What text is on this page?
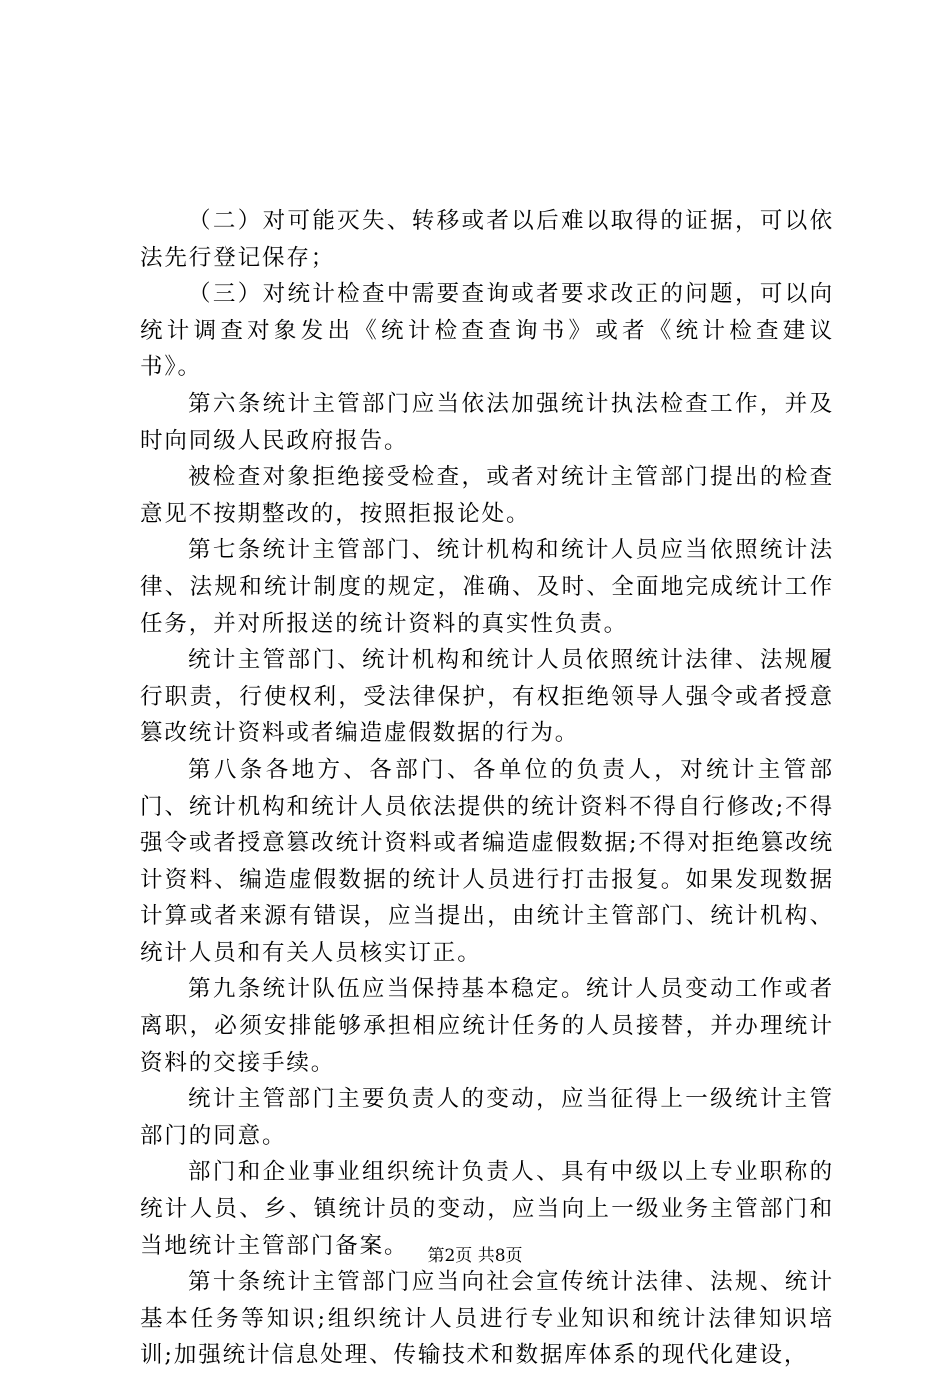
（二）对可能灭失、转移或者以后难以取得的证据，可以依法先行登记保存；

（三）对统计检查中需要查询或者要求改正的问题，可以向统计调查对象发出《统计检查查询书》或者《统计检查建议书》。

第六条统计主管部门应当依法加强统计执法检查工作，并及时向同级人民政府报告。

被检查对象拒绝接受检查，或者对统计主管部门提出的检查意见不按期整改的，按照拒报论处。

第七条统计主管部门、统计机构和统计人员应当依照统计法律、法规和统计制度的规定，准确、及时、全面地完成统计工作任务，并对所报送的统计资料的真实性负责。

统计主管部门、统计机构和统计人员依照统计法律、法规履行职责，行使权利，受法律保护，有权拒绝领导人强令或者授意篡改统计资料或者编造虚假数据的行为。

第八条各地方、各部门、各单位的负责人，对统计主管部门、统计机构和统计人员依法提供的统计资料不得自行修改;不得强令或者授意篡改统计资料或者编造虚假数据;不得对拒绝篡改统计资料、编造虚假数据的统计人员进行打击报复。如果发现数据计算或者来源有错误，应当提出，由统计主管部门、统计机构、统计人员和有关人员核实订正。

第九条统计队伍应当保持基本稳定。统计人员变动工作或者离职，必须安排能够承担相应统计任务的人员接替，并办理统计资料的交接手续。

统计主管部门主要负责人的变动，应当征得上一级统计主管部门的同意。

部门和企业事业组织统计负责人、具有中级以上专业职称的统计人员、乡、镇统计员的变动，应当向上一级业务主管部门和当地统计主管部门备案。

第十条统计主管部门应当向社会宣传统计法律、法规、统计基本任务等知识;组织统计人员进行专业知识和统计法律知识培训;加强统计信息处理、传输技术和数据库体系的现代化建设，

第2页 共8页
